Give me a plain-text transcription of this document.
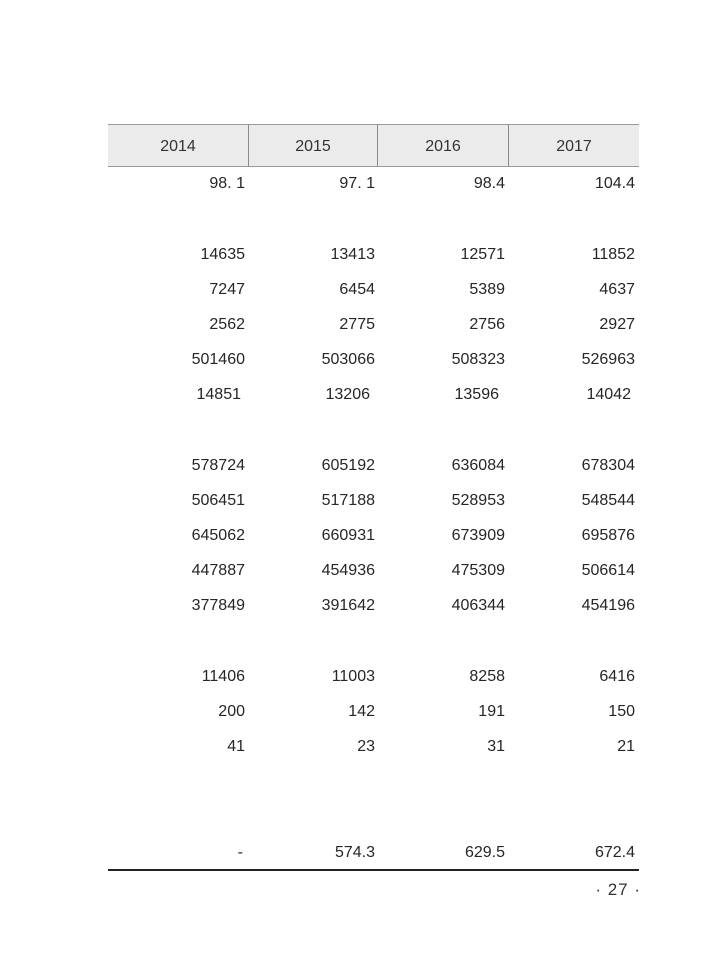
2014	2015	2016	2017
98. 1	97. 1	98.4	104.4
14635	13413	12571	11852
7247	6454	5389	4637
2562	2775	2756	2927
501460	503066	508323	526963
14851	13206	13596	14042
578724	605192	636084	678304
506451	517188	528953	548544
645062	660931	673909	695876
447887	454936	475309	506614
377849	391642	406344	454196
11406	11003	8258	6416
200	142	191	150
41	23	31	21
-	574.3	629.5	672.4
· 27 ·
